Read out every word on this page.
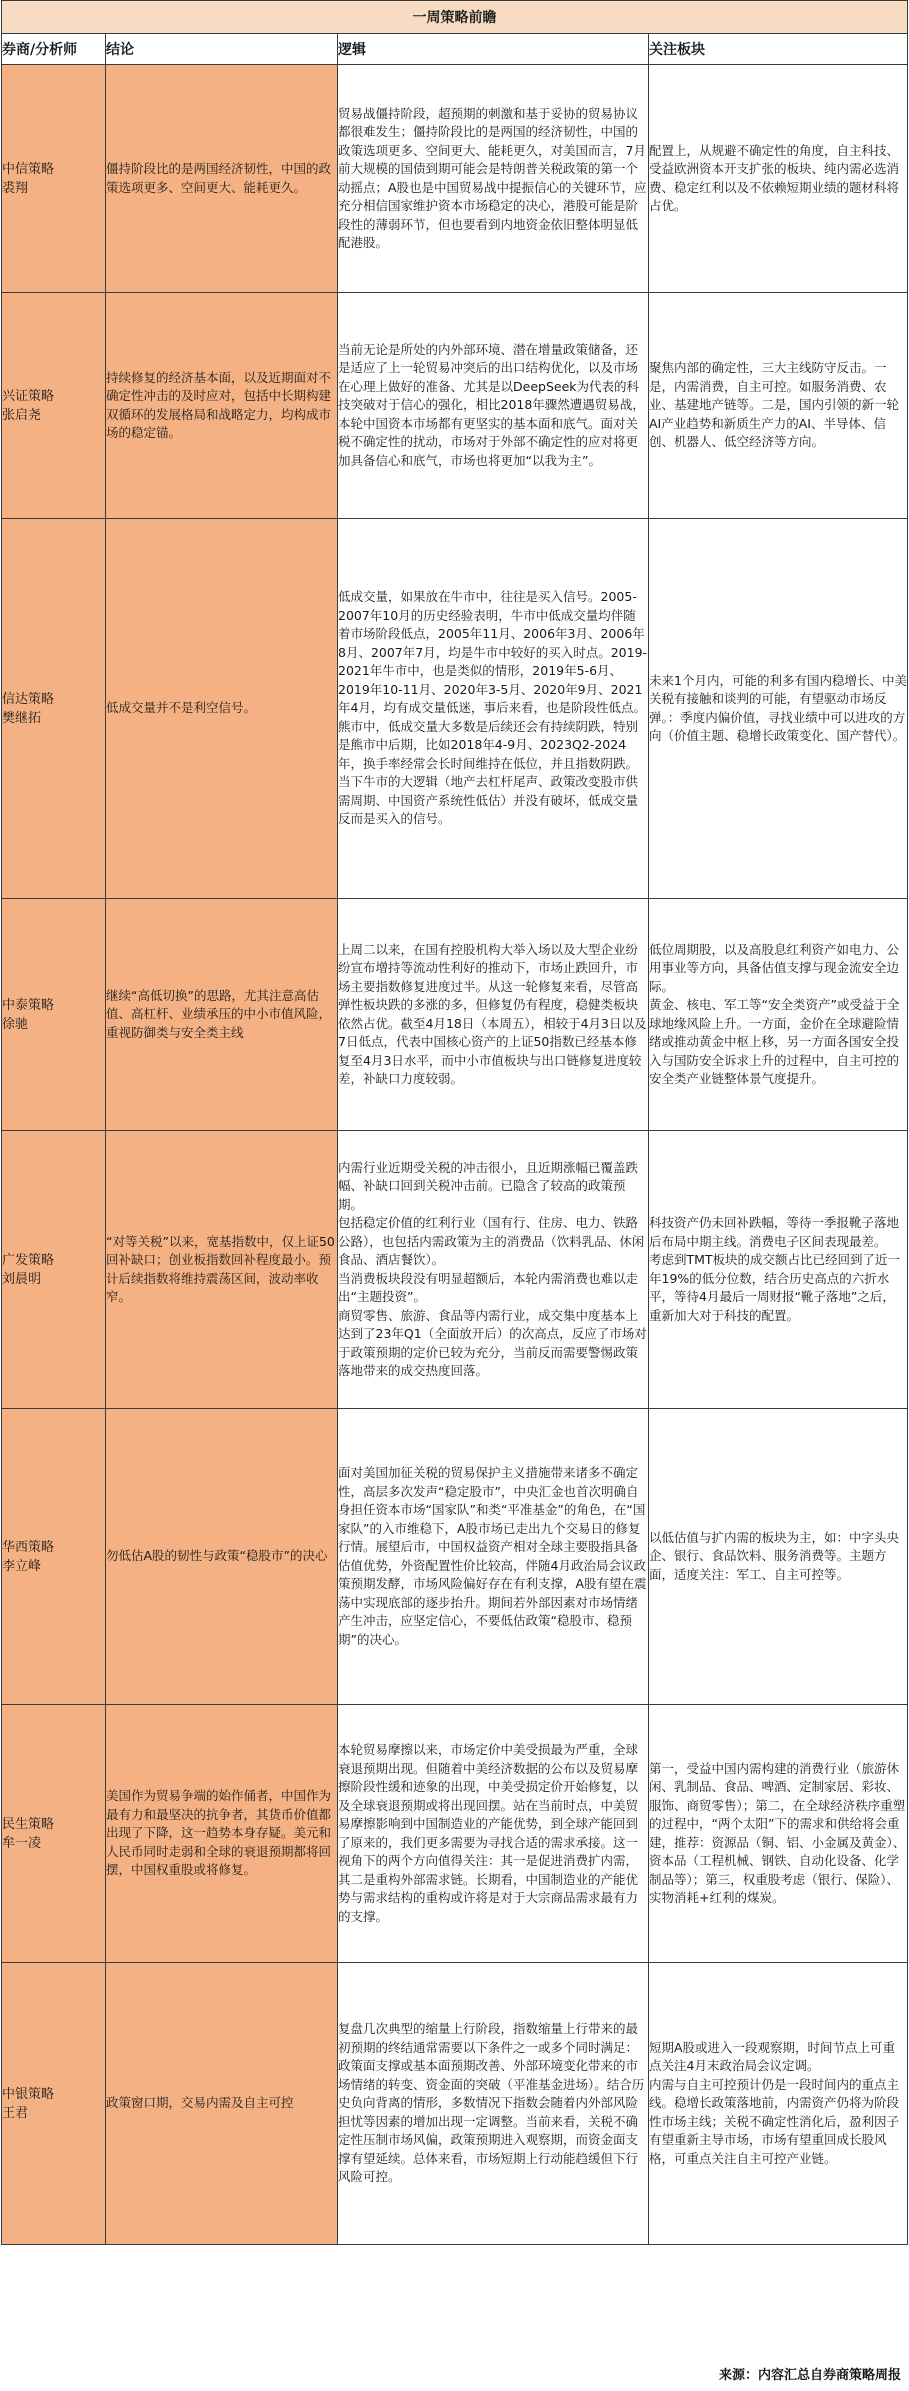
一周策略前瞻			
券商/分析师	结论	逻辑	关注板块

中信策略
裘翔	僵持阶段比的是两国经济韧性，中国的政策选项更多、空间更大、能耗更久。	贸易战僵持阶段，超预期的刺激和基于妥协的贸易协议都很难发生；僵持阶段比的是两国的经济韧性，中国的政策选项更多、空间更大、能耗更久，对美国而言，7月前大规模的国债到期可能会是特朗普关税政策的第一个动摇点；A股也是中国贸易战中提振信心的关键环节，应充分相信国家维护资本市场稳定的决心，港股可能是阶段性的薄弱环节，但也要看到内地资金依旧整体明显低配港股。	配置上，从规避不确定性的角度，自主科技、受益欧洲资本开支扩张的板块、纯内需必选消费、稳定红利以及不依赖短期业绩的题材科将占优。

兴证策略
张启尧	持续修复的经济基本面，以及近期面对不确定性冲击的及时应对，包括中长期构建双循环的发展格局和战略定力，均构成市场的稳定锚。	当前无论是所处的内外部环境、潜在增量政策储备，还是适应了上一轮贸易冲突后的出口结构优化，以及市场在心理上做好的准备、尤其是以DeepSeek为代表的科技突破对于信心的强化，相比2018年骤然遭遇贸易战，本轮中国资本市场都有更坚实的基本面和底气。面对关税不确定性的扰动，市场对于外部不确定性的应对将更加具备信心和底气，市场也将更加“以我为主”。	聚焦内部的确定性，三大主线防守反击。一是，内需消费，自主可控。如服务消费、农业、基建地产链等。二是，国内引领的新一轮AI产业趋势和新质生产力的AI、半导体、信创、机器人、低空经济等方向。

信达策略
樊继拓	低成交量并不是利空信号。	低成交量，如果放在牛市中，往往是买入信号。2005-2007年10月的历史经验表明，牛市中低成交量均伴随着市场阶段低点，2005年11月、2006年3月、2006年8月、2007年7月，均是牛市中较好的买入时点。2019-2021年牛市中，也是类似的情形，2019年5-6月、2019年10-11月、2020年3-5月、2020年9月、2021年4月，均有成交量低迷，事后来看，也是阶段性低点。熊市中，低成交量大多数是后续还会有持续阴跌，特别是熊市中后期，比如2018年4-9月、2023Q2-2024年，换手率经常会长时间维持在低位，并且指数阴跌。
当下牛市的大逻辑（地产去杠杆尾声、政策改变股市供需周期、中国资产系统性低估）并没有破坏，低成交量反而是买入的信号。	未来1个月内，可能的利多有国内稳增长、中美关税有接触和谈判的可能，有望驱动市场反弹。：季度内偏价值，寻找业绩中可以进攻的方向（价值主题、稳增长政策变化、国产替代）。

中泰策略
徐驰	继续“高低切换”的思路，尤其注意高估值、高杠杆、业绩承压的中小市值风险，重视防御类与安全类主线	上周二以来，在国有控股机构大举入场以及大型企业纷纷宣布增持等流动性利好的推动下，市场止跌回升，市场主要指数修复进度过半。从这一轮修复来看，尽管高弹性板块跌的多涨的多，但修复仍有程度，稳健类板块依然占优。截至4月18日（本周五），相较于4月3日以及7日低点，代表中国核心资产的上证50指数已经基本修复至4月3日水平，而中小市值板块与出口链修复进度较差，补缺口力度较弱。	低位周期股，以及高股息红利资产如电力、公用事业等方向，具备估值支撑与现金流安全边际。
黄金、核电、军工等“安全类资产”或受益于全球地缘风险上升。一方面，金价在全球避险情绪或推动黄金中枢上移，另一方面各国安全投入与国防安全诉求上升的过程中，自主可控的安全类产业链整体景气度提升。

广发策略
刘晨明	“对等关税”以来，宽基指数中，仅上证50回补缺口；创业板指数回补程度最小。预计后续指数将维持震荡区间，波动率收窄。	内需行业近期受关税的冲击很小，且近期涨幅已覆盖跌幅、补缺口回到关税冲击前。已隐含了较高的政策预期。
包括稳定价值的红利行业（国有行、住房、电力、铁路公路），也包括内需政策为主的消费品（饮料乳品、休闲食品、酒店餐饮）。
当消费板块段没有明显超额后，本轮内需消费也难以走出“主题投资”。
商贸零售、旅游、食品等内需行业，成交集中度基本上达到了23年Q1（全面放开后）的次高点，反应了市场对于政策预期的定价已较为充分，当前反而需要警惕政策落地带来的成交热度回落。	科技资产仍未回补跌幅，等待一季报靴子落地后布局中期主线。消费电子区间表现最差。
考虑到TMT板块的成交额占比已经回到了近一年19%的低分位数，结合历史高点的六折水平，等待4月最后一周财报“靴子落地”之后，重新加大对于科技的配置。

华西策略
李立峰	勿低估A股的韧性与政策“稳股市”的决心	面对美国加征关税的贸易保护主义措施带来诸多不确定性，高层多次发声“稳定股市”，中央汇金也首次明确自身担任资本市场“国家队”和类“平准基金”的角色，在“国家队”的入市维稳下，A股市场已走出九个交易日的修复行情。展望后市，中国权益资产相对全球主要股指具备估值优势，外资配置性价比较高，伴随4月政治局会议政策预期发酵，市场风险偏好存在有利支撑，A股有望在震荡中实现底部的逐步抬升。期间若外部因素对市场情绪产生冲击，应坚定信心，不要低估政策“稳股市、稳预期”的决心。	以低估值与扩内需的板块为主，如：中字头央企、银行、食品饮料、服务消费等。主题方面，适度关注：军工、自主可控等。

民生策略
牟一凌	美国作为贸易争端的始作俑者，中国作为最有力和最坚决的抗争者，其货币价值都出现了下降，这一趋势本身存疑。美元和人民币同时走弱和全球的衰退预期都将回摆，中国权重股或将修复。	本轮贸易摩擦以来，市场定价中美受损最为严重，全球衰退预期出现。但随着中美经济数据的公布以及贸易摩擦阶段性缓和迹象的出现，中美受损定价开始修复，以及全球衰退预期或将出现回摆。站在当前时点，中美贸易摩擦影响到中国制造业的产能优势，到全球产能回到了原来的，我们更多需要为寻找合适的需求承接。这一视角下的两个方向值得关注：其一是促进消费扩内需，其二是重构外部需求链。长期看，中国制造业的产能优势与需求结构的重构或许将是对于大宗商品需求最有力的支撑。	第一，受益中国内需构建的消费行业（旅游休闲、乳制品、食品、啤酒、定制家居、彩妆、服饰、商贸零售）；第二，在全球经济秩序重塑的过程中，“两个太阳”下的需求和供给将会重建，推荐：资源品（铜、铝、小金属及黄金）、资本品（工程机械、钢铁、自动化设备、化学制品等）；第三，权重股考虑（银行、保险）、实物消耗+红利的煤炭。

中银策略
王君	政策窗口期，交易内需及自主可控	复盘几次典型的缩量上行阶段，指数缩量上行带来的最初预期的终结通常需要以下条件之一或多个同时满足：政策面支撑或基本面预期改善、外部环境变化带来的市场情绪的转变、资金面的突破（平准基金进场）。结合历史负向背离的情形，多数情况下指数会随着内外部风险担忧等因素的增加出现一定调整。当前来看，关税不确定性压制市场风偏，政策预期进入观察期，而资金面支撑有望延续。总体来看，市场短期上行动能趋缓但下行风险可控。	短期A股或进入一段观察期，时间节点上可重点关注4月末政治局会议定调。
内需与自主可控预计仍是一段时间内的重点主线。稳增长政策落地前，内需资产仍将为阶段性市场主线；关税不确定性消化后，盈利因子有望重新主导市场，市场有望重回成长股风格，可重点关注自主可控产业链。
来源：内容汇总自券商策略周报
